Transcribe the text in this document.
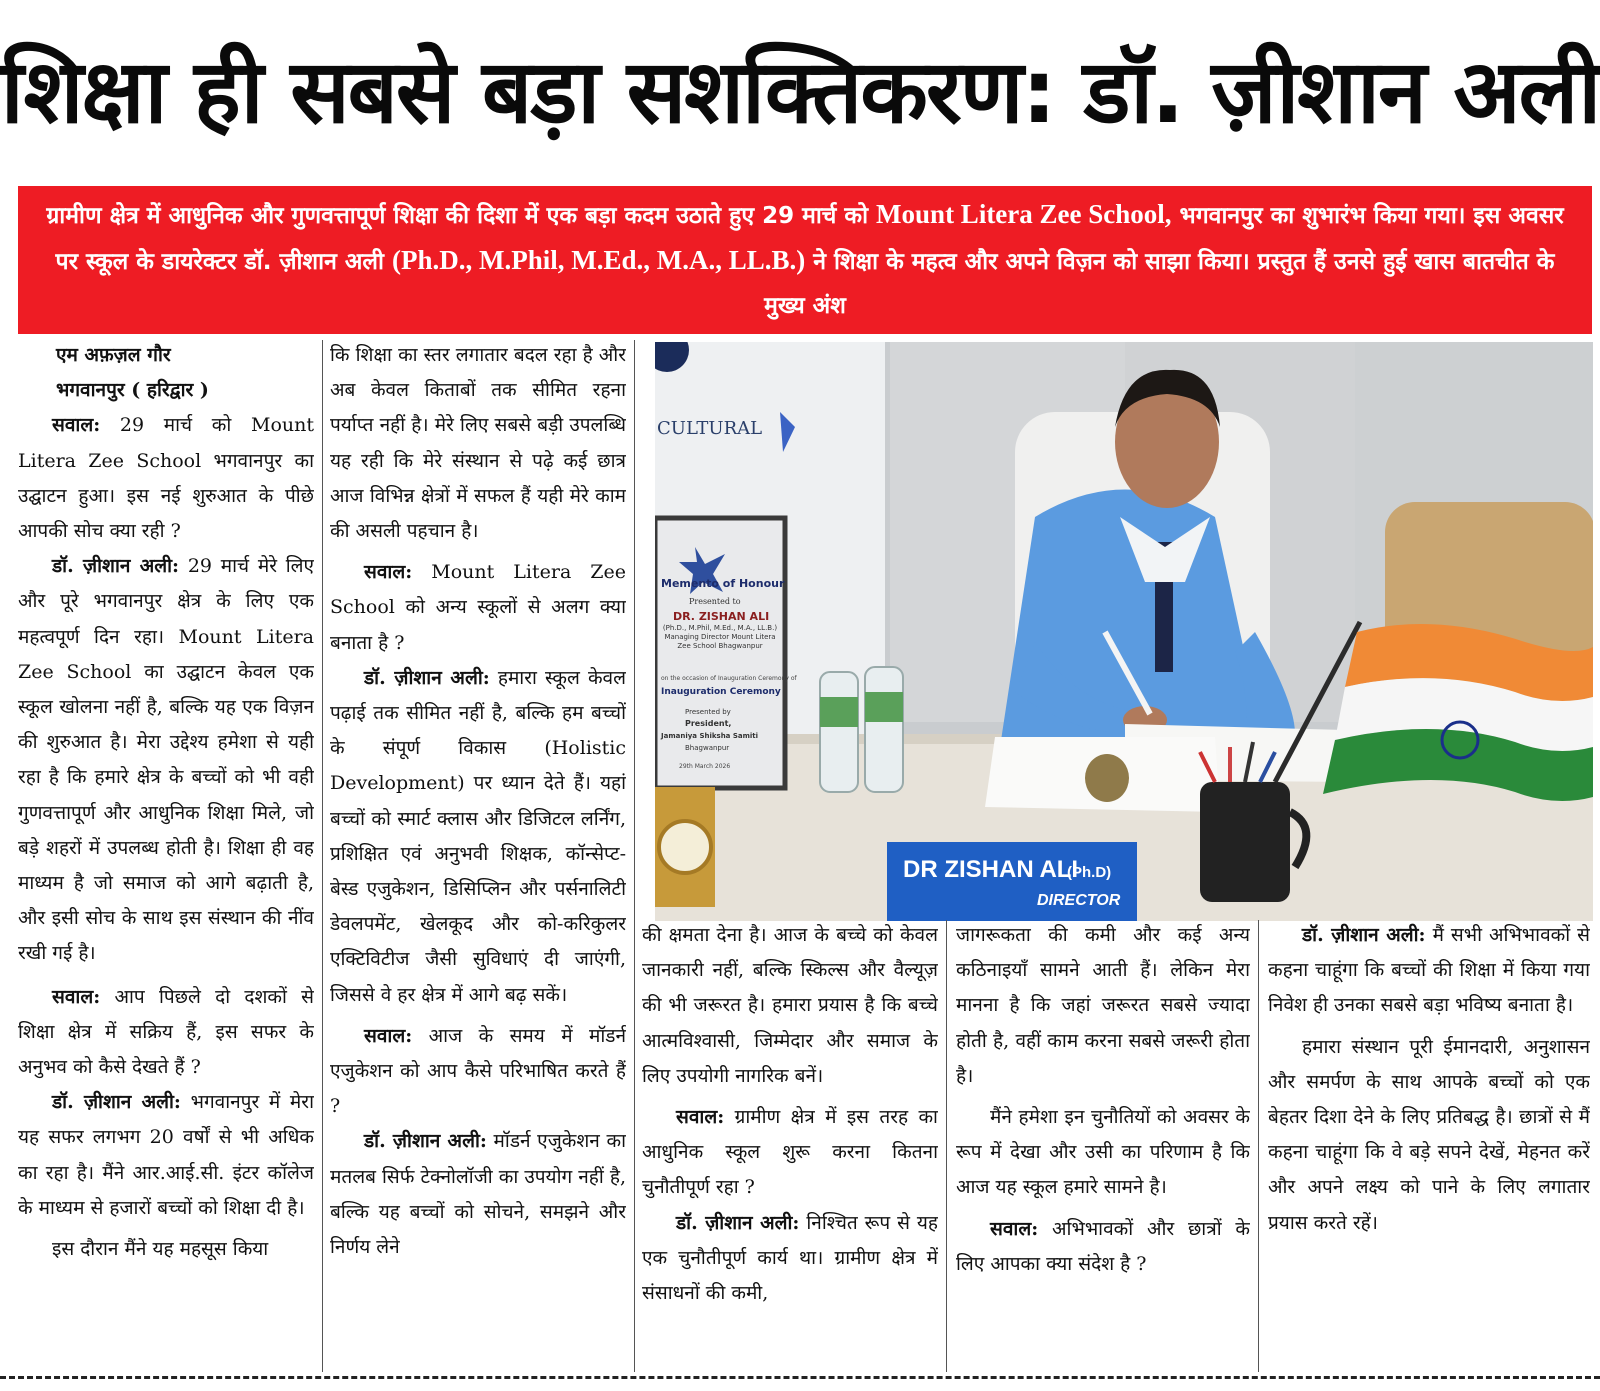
शिक्षा ही सबसे बड़ा सशक्तिकरण: डॉ. ज़ीशान अली
ग्रामीण क्षेत्र में आधुनिक और गुणवत्तापूर्ण शिक्षा की दिशा में एक बड़ा कदम उठाते हुए 29 मार्च को Mount Litera Zee School, भगवानपुर का शुभारंभ किया गया। इस अवसर पर स्कूल के डायरेक्टर डॉ. ज़ीशान अली (Ph.D., M.Phil, M.Ed., M.A., LL.B.) ने शिक्षा के महत्व और अपने विज़न को साझा किया। प्रस्तुत हैं उनसे हुई खास बातचीत के मुख्य अंश

एम अफ़ज़ल गौर

भगवानपुर ( हरिद्वार )

सवाल: 29 मार्च को Mount Litera Zee School भगवानपुर का उद्घाटन हुआ। इस नई शुरुआत के पीछे आपकी सोच क्या रही ?

डॉ. ज़ीशान अली: 29 मार्च मेरे लिए और पूरे भगवानपुर क्षेत्र के लिए एक महत्वपूर्ण दिन रहा। Mount Litera Zee School का उद्घाटन केवल एक स्कूल खोलना नहीं है, बल्कि यह एक विज़न की शुरुआत है। मेरा उद्देश्य हमेशा से यही रहा है कि हमारे क्षेत्र के बच्चों को भी वही गुणवत्तापूर्ण और आधुनिक शिक्षा मिले, जो बड़े शहरों में उपलब्ध होती है। शिक्षा ही वह माध्यम है जो समाज को आगे बढ़ाती है, और इसी सोच के साथ इस संस्थान की नींव रखी गई है।

सवाल: आप पिछले दो दशकों से शिक्षा क्षेत्र में सक्रिय हैं, इस सफर के अनुभव को कैसे देखते हैं ?

डॉ. ज़ीशान अली: भगवानपुर में मेरा यह सफर लगभग 20 वर्षों से भी अधिक का रहा है। मैंने आर.आई.सी. इंटर कॉलेज के माध्यम से हजारों बच्चों को शिक्षा दी है।

इस दौरान मैंने यह महसूस किया

कि शिक्षा का स्तर लगातार बदल रहा है और अब केवल किताबों तक सीमित रहना पर्याप्त नहीं है। मेरे लिए सबसे बड़ी उपलब्धि यह रही कि मेरे संस्थान से पढ़े कई छात्र आज विभिन्न क्षेत्रों में सफल हैं यही मेरे काम की असली पहचान है।

सवाल: Mount Litera Zee School को अन्य स्कूलों से अलग क्या बनाता है ?

डॉ. ज़ीशान अली: हमारा स्कूल केवल पढ़ाई तक सीमित नहीं है, बल्कि हम बच्चों के संपूर्ण विकास (Holistic Development) पर ध्यान देते हैं। यहां बच्चों को स्मार्ट क्लास और डिजिटल लर्निंग, प्रशिक्षित एवं अनुभवी शिक्षक, कॉन्सेप्ट-बेस्ड एजुकेशन, डिसिप्लिन और पर्सनालिटी डेवलपमेंट, खेलकूद और को-करिकुलर एक्टिविटीज जैसी सुविधाएं दी जाएंगी, जिससे वे हर क्षेत्र में आगे बढ़ सकें।

सवाल: आज के समय में मॉडर्न एजुकेशन को आप कैसे परिभाषित करते हैं ?

डॉ. ज़ीशान अली: मॉडर्न एजुकेशन का मतलब सिर्फ टेक्नोलॉजी का उपयोग नहीं है, बल्कि यह बच्चों को सोचने, समझने और निर्णय लेने

CULTURAL
Memento of Honour
Presented to
DR. ZISHAN ALI
(Ph.D., M.Phil, M.Ed., M.A., LL.B.) Managing Director Mount Litera Zee School Bhagwanpur
on the occasion of Inauguration Ceremony of
Inauguration Ceremony
Presented by
President,
Jamaniya Shiksha Samiti
Bhagwanpur
29th March 2026
DR ZISHAN ALI
(Ph.D)
DIRECTOR

की क्षमता देना है। आज के बच्चे को केवल जानकारी नहीं, बल्कि स्किल्स और वैल्यूज़ की भी जरूरत है। हमारा प्रयास है कि बच्चे आत्मविश्वासी, जिम्मेदार और समाज के लिए उपयोगी नागरिक बनें।

सवाल: ग्रामीण क्षेत्र में इस तरह का आधुनिक स्कूल शुरू करना कितना चुनौतीपूर्ण रहा ?

डॉ. ज़ीशान अली: निश्चित रूप से यह एक चुनौतीपूर्ण कार्य था। ग्रामीण क्षेत्र में संसाधनों की कमी,

जागरूकता की कमी और कई अन्य कठिनाइयाँ सामने आती हैं। लेकिन मेरा मानना है कि जहां जरूरत सबसे ज्यादा होती है, वहीं काम करना सबसे जरूरी होता है।

मैंने हमेशा इन चुनौतियों को अवसर के रूप में देखा और उसी का परिणाम है कि आज यह स्कूल हमारे सामने है।

सवाल: अभिभावकों और छात्रों के लिए आपका क्या संदेश है ?

डॉ. ज़ीशान अली: मैं सभी अभिभावकों से कहना चाहूंगा कि बच्चों की शिक्षा में किया गया निवेश ही उनका सबसे बड़ा भविष्य बनाता है।

हमारा संस्थान पूरी ईमानदारी, अनुशासन और समर्पण के साथ आपके बच्चों को एक बेहतर दिशा देने के लिए प्रतिबद्ध है। छात्रों से मैं कहना चाहूंगा कि वे बड़े सपने देखें, मेहनत करें और अपने लक्ष्य को पाने के लिए लगातार प्रयास करते रहें।
